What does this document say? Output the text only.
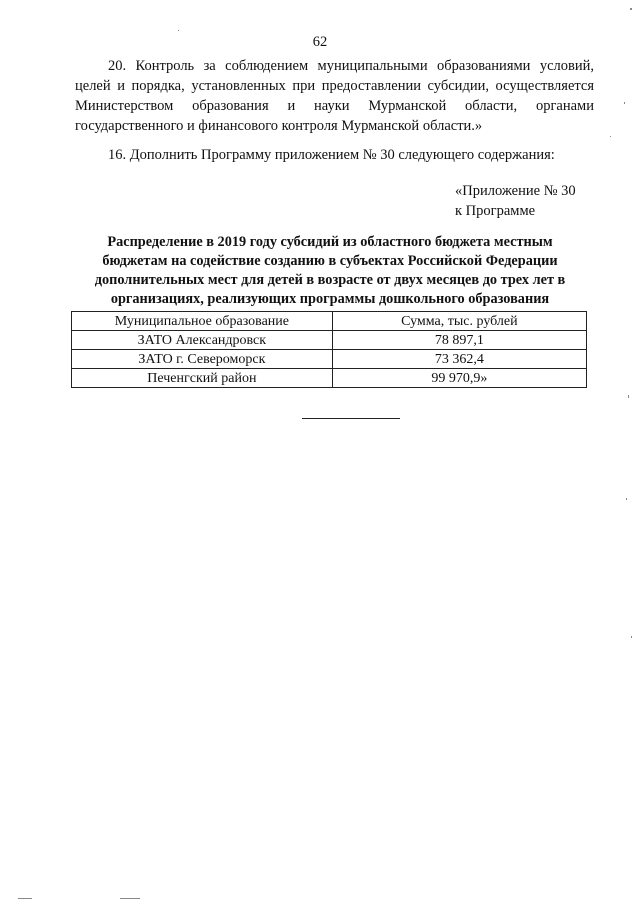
62
20. Контроль за соблюдением муниципальными образованиями условий,
целей и порядка, установленных при предоставлении субсидии, осуществляется
Министерством образования и науки Мурманской области, органами
государственного и финансового контроля Мурманской области.»
16. Дополнить Программу приложением № 30 следующего содержания:
«Приложение № 30
к Программе
Распределение в 2019 году субсидий из областного бюджета местным
бюджетам на содействие созданию в субъектах Российской Федерации
дополнительных мест для детей в возрасте от двух месяцев до трех лет в
организациях, реализующих программы дошкольного образования
Муниципальное образование	Сумма, тыс. рублей
ЗАТО Александровск	78 897,1
ЗАТО г. Североморск	73 362,4
Печенгский район	99 970,9»
